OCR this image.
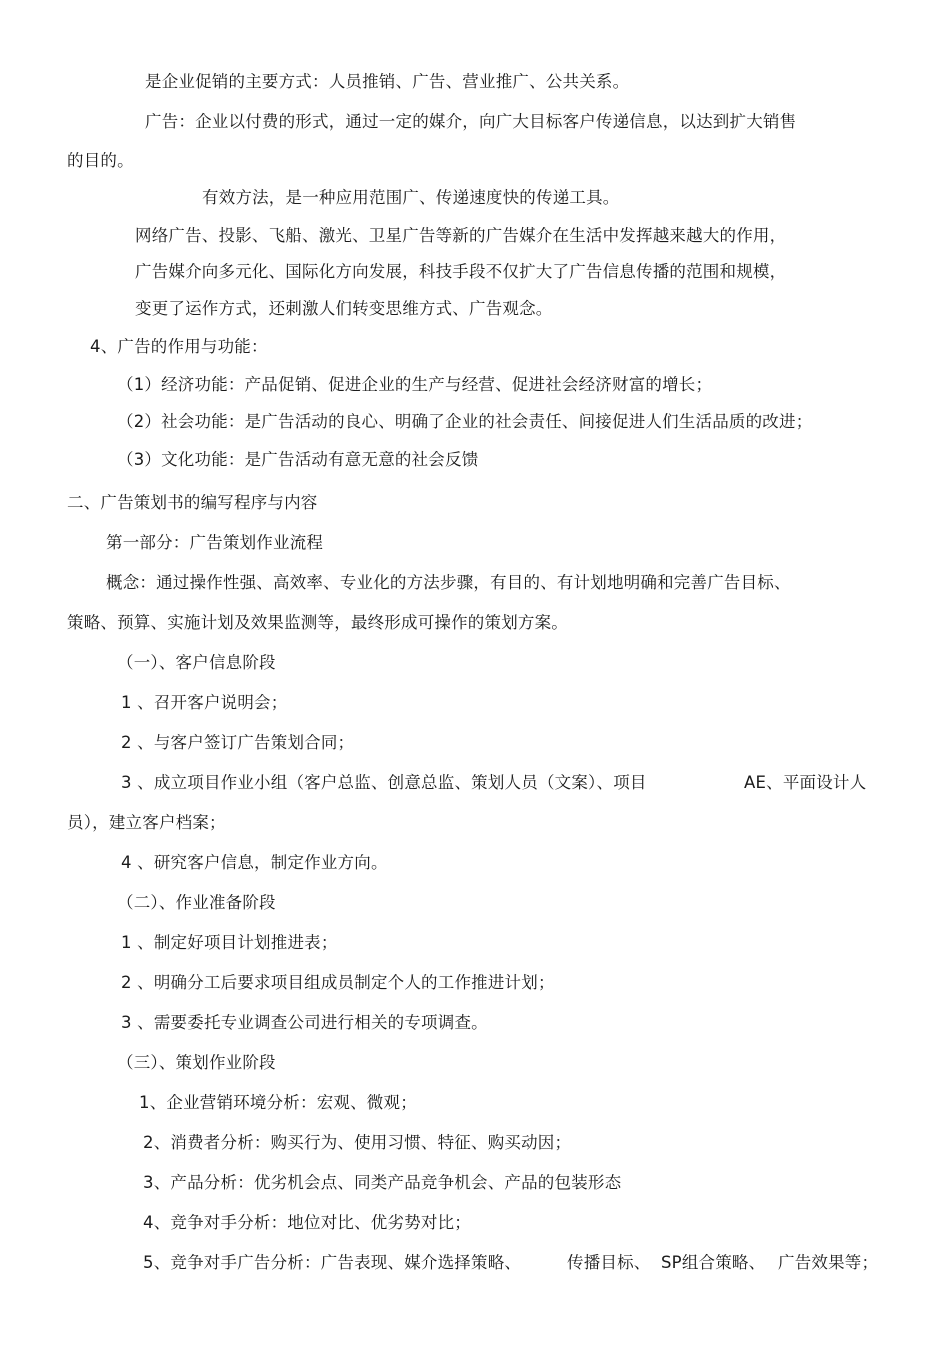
是企业促销的主要方式：人员推销、广告、营业推广、公共关系。
广告：企业以付费的形式，通过一定的媒介，向广大目标客户传递信息，以达到扩大销售
的目的。
有效方法，是一种应用范围广、传递速度快的传递工具。
网络广告、投影、飞船、激光、卫星广告等新的广告媒介在生活中发挥越来越大的作用，
广告媒介向多元化、国际化方向发展，科技手段不仅扩大了广告信息传播的范围和规模，
变更了运作方式，还刺激人们转变思维方式、广告观念。
4、广告的作用与功能：
（1）经济功能：产品促销、促进企业的生产与经营、促进社会经济财富的增长；
（2）社会功能：是广告活动的良心、明确了企业的社会责任、间接促进人们生活品质的改进；
（3）文化功能：是广告活动有意无意的社会反馈
二、广告策划书的编写程序与内容
第一部分：广告策划作业流程
概念：通过操作性强、高效率、专业化的方法步骤，有目的、有计划地明确和完善广告目标、
策略、预算、实施计划及效果监测等，最终形成可操作的策划方案。
（一）、客户信息阶段
1 、召开客户说明会；
2 、与客户签订广告策划合同；
3 、成立项目作业小组（客户总监、创意总监、策划人员（文案）、项目	AE、平面设计人
员），建立客户档案；
4 、研究客户信息，制定作业方向。
（二）、作业准备阶段
1 、制定好项目计划推进表；
2 、明确分工后要求项目组成员制定个人的工作推进计划；
3 、需要委托专业调查公司进行相关的专项调查。
（三）、策划作业阶段
1、企业营销环境分析：宏观、微观；
2、消费者分析：购买行为、使用习惯、特征、购买动因；
3、产品分析：优劣机会点、同类产品竞争机会、产品的包装形态
4、竞争对手分析：地位对比、优劣势对比；
5、竞争对手广告分析：广告表现、媒介选择策略、	传播目标、 SP组合策略、 广告效果等；
